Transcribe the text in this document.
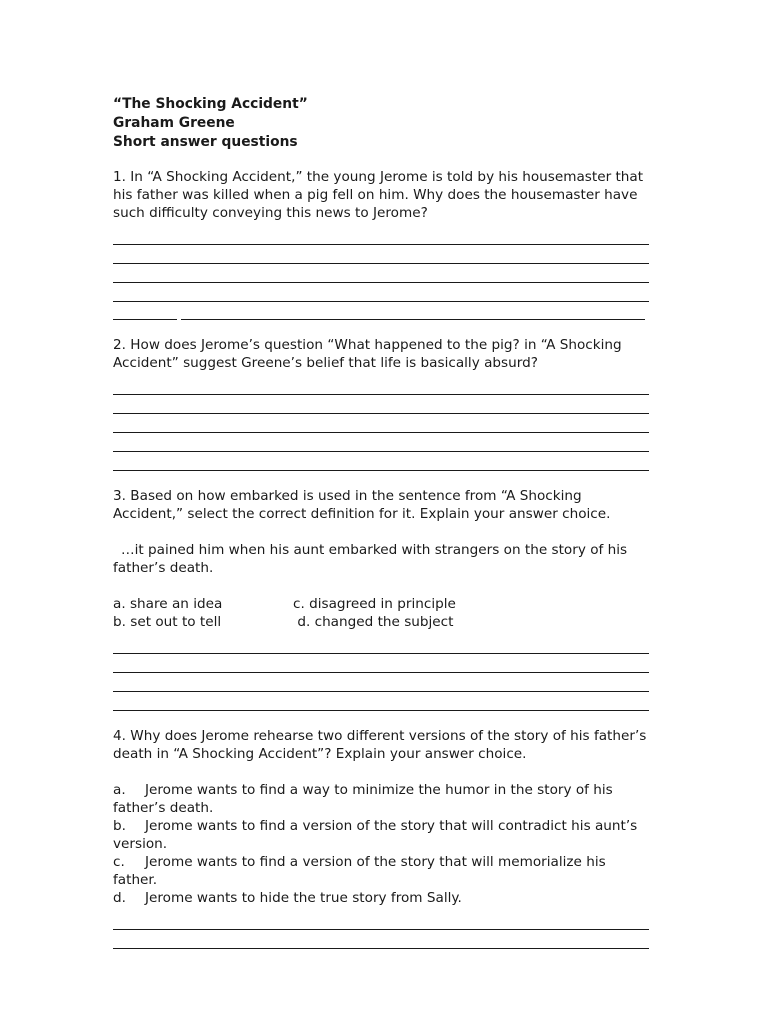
“The Shocking Accident”
Graham Greene
Short answer questions

1. In “A Shocking Accident,” the young Jerome is told by his housemaster that his father was killed when a pig fell on him. Why does the housemaster have such difficulty conveying this news to Jerome?

2. How does Jerome’s question “What happened to the pig? in “A Shocking Accident” suggest Greene’s belief that life is basically absurd?

3. Based on how embarked is used in the sentence from “A Shocking Accident,” select the correct definition for it. Explain your answer choice.

…it pained him when his aunt embarked with strangers on the story of his father’s death.

a. share an idea	c. disagreed in principle
b. set out to tell	d. changed the subject

4. Why does Jerome rehearse two different versions of the story of his father’s death in “A Shocking Accident”? Explain your answer choice.

a. Jerome wants to find a way to minimize the humor in the story of his father’s death.
b. Jerome wants to find a version of the story that will contradict his aunt’s version.
c. Jerome wants to find a version of the story that will memorialize his father.
d. Jerome wants to hide the true story from Sally.
